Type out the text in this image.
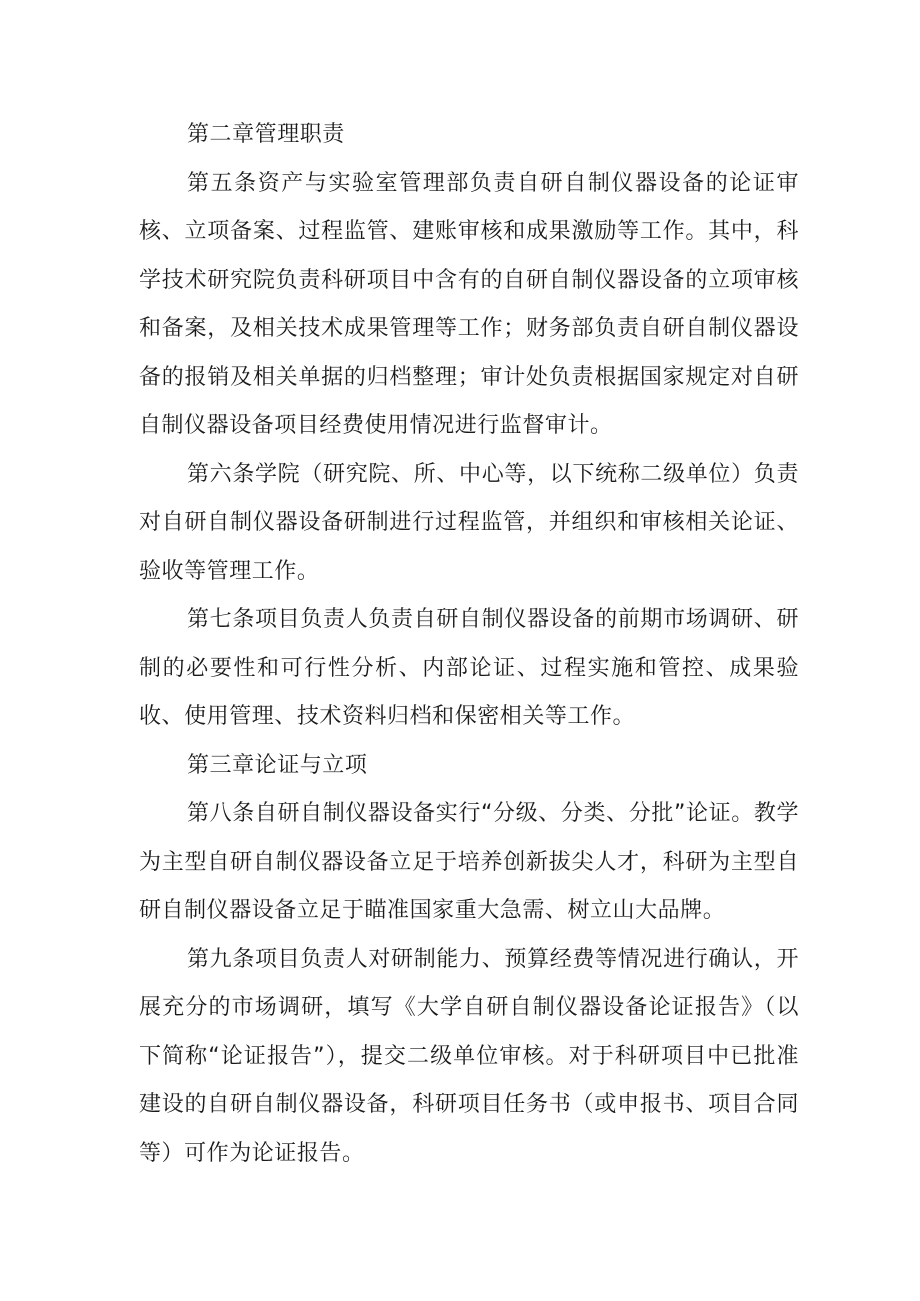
第二章管理职责

第五条资产与实验室管理部负责自研自制仪器设备的论证审核、立项备案、过程监管、建账审核和成果激励等工作。其中，科学技术研究院负责科研项目中含有的自研自制仪器设备的立项审核和备案，及相关技术成果管理等工作；财务部负责自研自制仪器设备的报销及相关单据的归档整理；审计处负责根据国家规定对自研自制仪器设备项目经费使用情况进行监督审计。

第六条学院（研究院、所、中心等，以下统称二级单位）负责对自研自制仪器设备研制进行过程监管，并组织和审核相关论证、验收等管理工作。

第七条项目负责人负责自研自制仪器设备的前期市场调研、研制的必要性和可行性分析、内部论证、过程实施和管控、成果验收、使用管理、技术资料归档和保密相关等工作。

第三章论证与立项

第八条自研自制仪器设备实行“分级、分类、分批”论证。教学为主型自研自制仪器设备立足于培养创新拔尖人才，科研为主型自研自制仪器设备立足于瞄准国家重大急需、树立山大品牌。

第九条项目负责人对研制能力、预算经费等情况进行确认，开展充分的市场调研，填写《大学自研自制仪器设备论证报告》（以下简称“论证报告”），提交二级单位审核。对于科研项目中已批准建设的自研自制仪器设备，科研项目任务书（或申报书、项目合同等）可作为论证报告。
